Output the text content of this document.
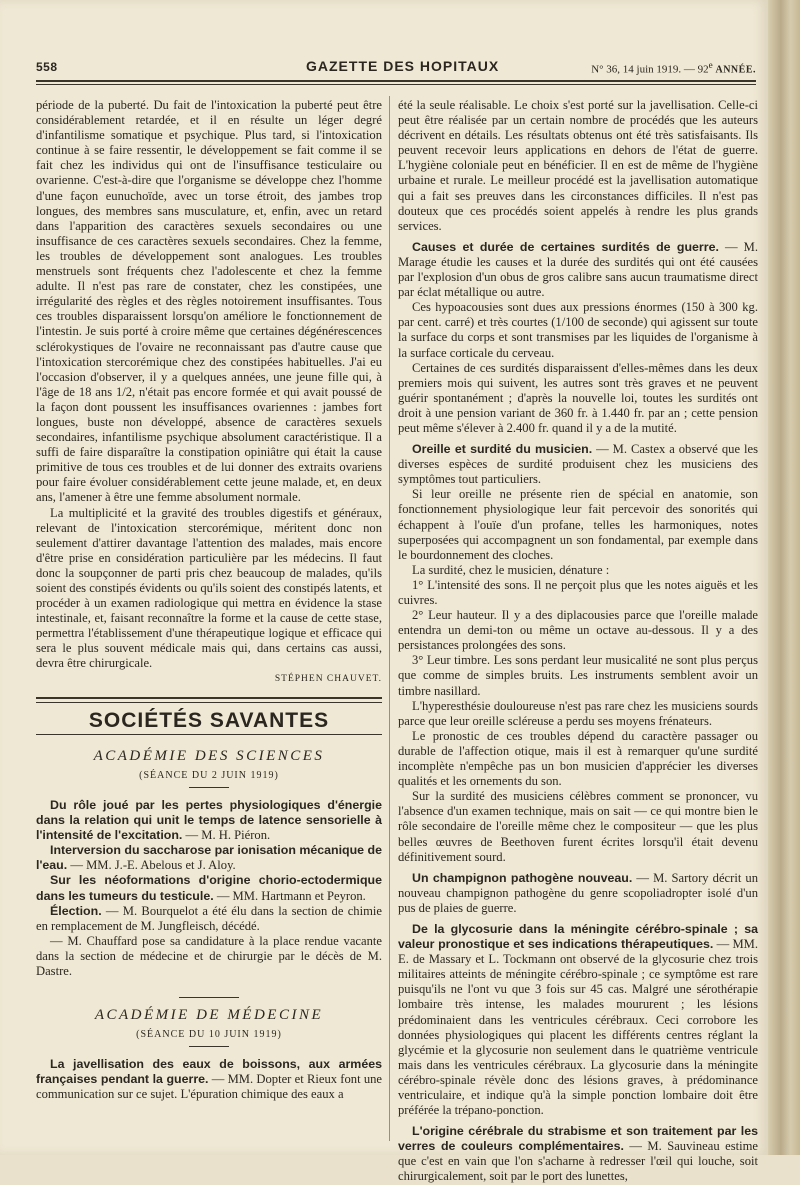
558	GAZETTE DES HOPITAUX	N° 36, 14 juin 1919. — 92e ANNÉE.

période de la puberté. Du fait de l'intoxication la puberté peut être considérablement retardée, et il en résulte un léger degré d'infantilisme somatique et psychique. Plus tard, si l'intoxication continue à se faire ressentir, le développement se fait comme il se fait chez les individus qui ont de l'insuffisance testiculaire ou ovarienne. C'est-à-dire que l'organisme se développe chez l'homme d'une façon eunuchoïde, avec un torse étroit, des jambes trop longues, des membres sans musculature, et, enfin, avec un retard dans l'apparition des caractères sexuels secondaires ou une insuffisance de ces caractères sexuels secondaires. Chez la femme, les troubles de développement sont analogues. Les troubles menstruels sont fréquents chez l'adolescente et chez la femme adulte. Il n'est pas rare de constater, chez les constipées, une irrégularité des règles et des règles notoirement insuffisantes. Tous ces troubles disparaissent lorsqu'on améliore le fonctionnement de l'intestin. Je suis porté à croire même que certaines dégénérescences sclérokystiques de l'ovaire ne reconnaissant pas d'autre cause que l'intoxication stercorémique chez des constipées habituelles. J'ai eu l'occasion d'observer, il y a quelques années, une jeune fille qui, à l'âge de 18 ans 1/2, n'était pas encore formée et qui avait poussé de la façon dont poussent les insuffisances ovariennes : jambes fort longues, buste non développé, absence de caractères sexuels secondaires, infantilisme psychique absolument caractéristique. Il a suffi de faire disparaître la constipation opiniâtre qui était la cause primitive de tous ces troubles et de lui donner des extraits ovariens pour faire évoluer considérablement cette jeune malade, et, en deux ans, l'amener à être une femme absolument normale.

La multiplicité et la gravité des troubles digestifs et généraux, relevant de l'intoxication stercorémique, méritent donc non seulement d'attirer davantage l'attention des malades, mais encore d'être prise en considération particulière par les médecins. Il faut donc la soupçonner de parti pris chez beaucoup de malades, qu'ils soient des constipés évidents ou qu'ils soient des constipés latents, et procéder à un examen radiologique qui mettra en évidence la stase intestinale, et, faisant reconnaître la forme et la cause de cette stase, permettra l'établissement d'une thérapeutique logique et efficace qui sera le plus souvent médicale mais qui, dans certains cas aussi, devra être chirurgicale.

STÉPHEN CHAUVET.

SOCIÉTÉS SAVANTES
ACADÉMIE DES SCIENCES
(SÉANCE DU 2 JUIN 1919)

Du rôle joué par les pertes physiologiques d'énergie dans la relation qui unit le temps de latence sensorielle à l'intensité de l'excitation. — M. H. Piéron.

Interversion du saccharose par ionisation mécanique de l'eau. — MM. J.-E. Abelous et J. Aloy.

Sur les néoformations d'origine chorio-ectodermique dans les tumeurs du testicule. — MM. Hartmann et Peyron.

Élection. — M. Bourquelot a été élu dans la section de chimie en remplacement de M. Jungfleisch, décédé.

— M. Chauffard pose sa candidature à la place rendue vacante dans la section de médecine et de chirurgie par le décès de M. Dastre.

ACADÉMIE DE MÉDECINE
(SÉANCE DU 10 JUIN 1919)

La javellisation des eaux de boissons, aux armées françaises pendant la guerre. — MM. Dopter et Rieux font une communication sur ce sujet. L'épuration chimique des eaux a

été la seule réalisable. Le choix s'est porté sur la javellisation. Celle-ci peut être réalisée par un certain nombre de procédés que les auteurs décrivent en détails. Les résultats obtenus ont été très satisfaisants. Ils peuvent recevoir leurs applications en dehors de l'état de guerre. L'hygiène coloniale peut en bénéficier. Il en est de même de l'hygiène urbaine et rurale. Le meilleur procédé est la javellisation automatique qui a fait ses preuves dans les circonstances difficiles. Il n'est pas douteux que ces procédés soient appelés à rendre les plus grands services.

Causes et durée de certaines surdités de guerre. — M. Marage étudie les causes et la durée des surdités qui ont été causées par l'explosion d'un obus de gros calibre sans aucun traumatisme direct par éclat métallique ou autre.

Ces hypoacousies sont dues aux pressions énormes (150 à 300 kg. par cent. carré) et très courtes (1/100 de seconde) qui agissent sur toute la surface du corps et sont transmises par les liquides de l'organisme à la surface corticale du cerveau.

Certaines de ces surdités disparaissent d'elles-mêmes dans les deux premiers mois qui suivent, les autres sont très graves et ne peuvent guérir spontanément ; d'après la nouvelle loi, toutes les surdités ont droit à une pension variant de 360 fr. à 1.440 fr. par an ; cette pension peut même s'élever à 2.400 fr. quand il y a de la mutité.

Oreille et surdité du musicien. — M. Castex a observé que les diverses espèces de surdité produisent chez les musiciens des symptômes tout particuliers.

Si leur oreille ne présente rien de spécial en anatomie, son fonctionnement physiologique leur fait percevoir des sonorités qui échappent à l'ouïe d'un profane, telles les harmoniques, notes superposées qui accompagnent un son fondamental, par exemple dans le bourdonnement des cloches.

La surdité, chez le musicien, dénature :

1° L'intensité des sons. Il ne perçoit plus que les notes aiguës et les cuivres.

2° Leur hauteur. Il y a des diplacousies parce que l'oreille malade entendra un demi-ton ou même un octave au-dessous. Il y a des persistances prolongées des sons.

3° Leur timbre. Les sons perdant leur musicalité ne sont plus perçus que comme de simples bruits. Les instruments semblent avoir un timbre nasillard.

L'hyperesthésie douloureuse n'est pas rare chez les musiciens sourds parce que leur oreille scléreuse a perdu ses moyens frénateurs.

Le pronostic de ces troubles dépend du caractère passager ou durable de l'affection otique, mais il est à remarquer qu'une surdité incomplète n'empêche pas un bon musicien d'apprécier les diverses qualités et les ornements du son.

Sur la surdité des musiciens célèbres comment se prononcer, vu l'absence d'un examen technique, mais on sait — ce qui montre bien le rôle secondaire de l'oreille même chez le compositeur — que les plus belles œuvres de Beethoven furent écrites lorsqu'il était devenu définitivement sourd.

Un champignon pathogène nouveau. — M. Sartory décrit un nouveau champignon pathogène du genre scopoliadropter isolé d'un pus de plaies de guerre.

De la glycosurie dans la méningite cérébro-spinale ; sa valeur pronostique et ses indications thérapeutiques. — MM. E. de Massary et L. Tockmann ont observé de la glycosurie chez trois militaires atteints de méningite cérébro-spinale ; ce symptôme est rare puisqu'ils ne l'ont vu que 3 fois sur 45 cas. Malgré une sérothérapie lombaire très intense, les malades moururent ; les lésions prédominaient dans les ventricules cérébraux. Ceci corrobore les données physiologiques qui placent les différents centres réglant la glycémie et la glycosurie non seulement dans le quatrième ventricule mais dans les ventricules cérébraux. La glycosurie dans la méningite cérébro-spinale révèle donc des lésions graves, à prédominance ventriculaire, et indique qu'à la simple ponction lombaire doit être préférée la trépano-ponction.

L'origine cérébrale du strabisme et son traitement par les verres de couleurs complémentaires. — M. Sauvineau estime que c'est en vain que l'on s'acharne à redresser l'œil qui louche, soit chirurgicalement, soit par le port des lunettes,
